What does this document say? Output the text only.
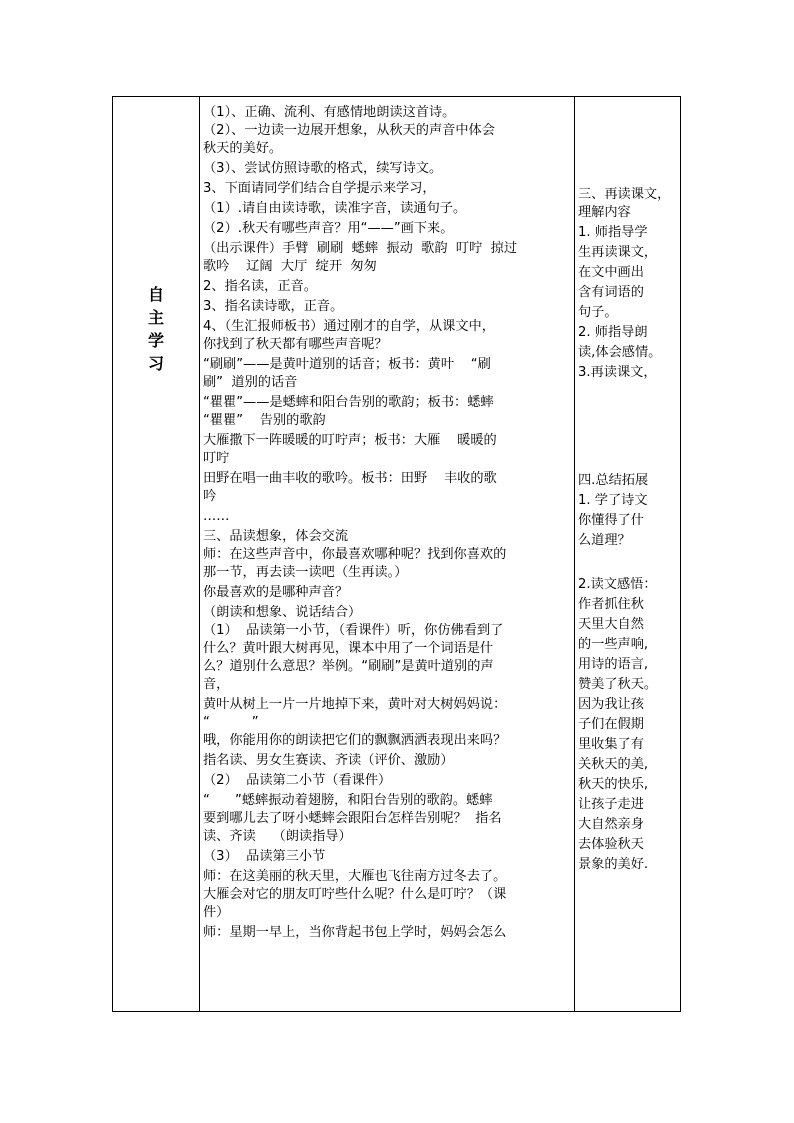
自
主
学
习
（1）、正确、流利、有感情地朗读这首诗。
（2）、一边读一边展开想象，从秋天的声音中体会
秋天的美好。
（3）、尝试仿照诗歌的格式，续写诗文。
3、下面请同学们结合自学提示来学习，
（1）.请自由读诗歌，读准字音，读通句子。
（2）.秋天有哪些声音？用“——”画下来。
（出示课件）手臂  刷刷  蟋蟀  振动  歌韵  叮咛  掠过
歌吟    辽阔  大厅  绽开  匆匆
2、指名读，正音。
3、指名读诗歌，正音。
4、（生汇报师板书）通过刚才的自学，从课文中，
你找到了秋天都有哪些声音呢？
“刷刷”——是黄叶道别的话音；板书：黄叶    “刷
刷”  道别的话音
“瞿瞿”——是蟋蟀和阳台告别的歌韵；板书：蟋蟀
“瞿瞿”    告别的歌韵
大雁撒下一阵暖暖的叮咛声；板书：大雁    暖暖的
叮咛
田野在唱一曲丰收的歌吟。板书：田野    丰收的歌
吟
……
三、品读想象，体会交流
师：在这些声音中，你最喜欢哪种呢？找到你喜欢的
那一节，再去读一读吧（生再读。）
你最喜欢的是哪种声音？
（朗读和想象、说话结合）
（1）  品读第一小节，（看课件）听，你仿佛看到了
什么？黄叶跟大树再见，课本中用了一个词语是什
么？道别什么意思？举例。“刷刷”是黄叶道别的声
音，
黄叶从树上一片一片地掉下来，黄叶对大树妈妈说：
“          ”
哦，你能用你的朗读把它们的飘飘洒洒表现出来吗？
指名读、男女生赛读、齐读（评价、激励）
（2）  品读第二小节（看课件）
“      ”蟋蟀振动着翅膀，和阳台告别的歌韵。蟋蟀
要到哪儿去了呀小蟋蟀会跟阳台怎样告别呢？  指名
读、齐读    （朗读指导）
（3）  品读第三小节
师：在这美丽的秋天里，大雁也飞往南方过冬去了。
大雁会对它的朋友叮咛些什么呢？什么是叮咛？（课
件）
师：星期一早上，当你背起书包上学时，妈妈会怎么
三、再读课文，
理解内容
1. 师指导学
生再读课文，
在文中画出
含有词语的
句子。
2. 师指导朗
读,体会感情。
3.再读课文，
四.总结拓展
1. 学了诗文
你懂得了什
么道理？
2.读文感悟：
作者抓住秋
天里大自然
的一些声响,
用诗的语言,
赞美了秋天。
因为我让孩
子们在假期
里收集了有
关秋天的美,
秋天的快乐,
让孩子走进
大自然亲身
去体验秋天
景象的美好.
